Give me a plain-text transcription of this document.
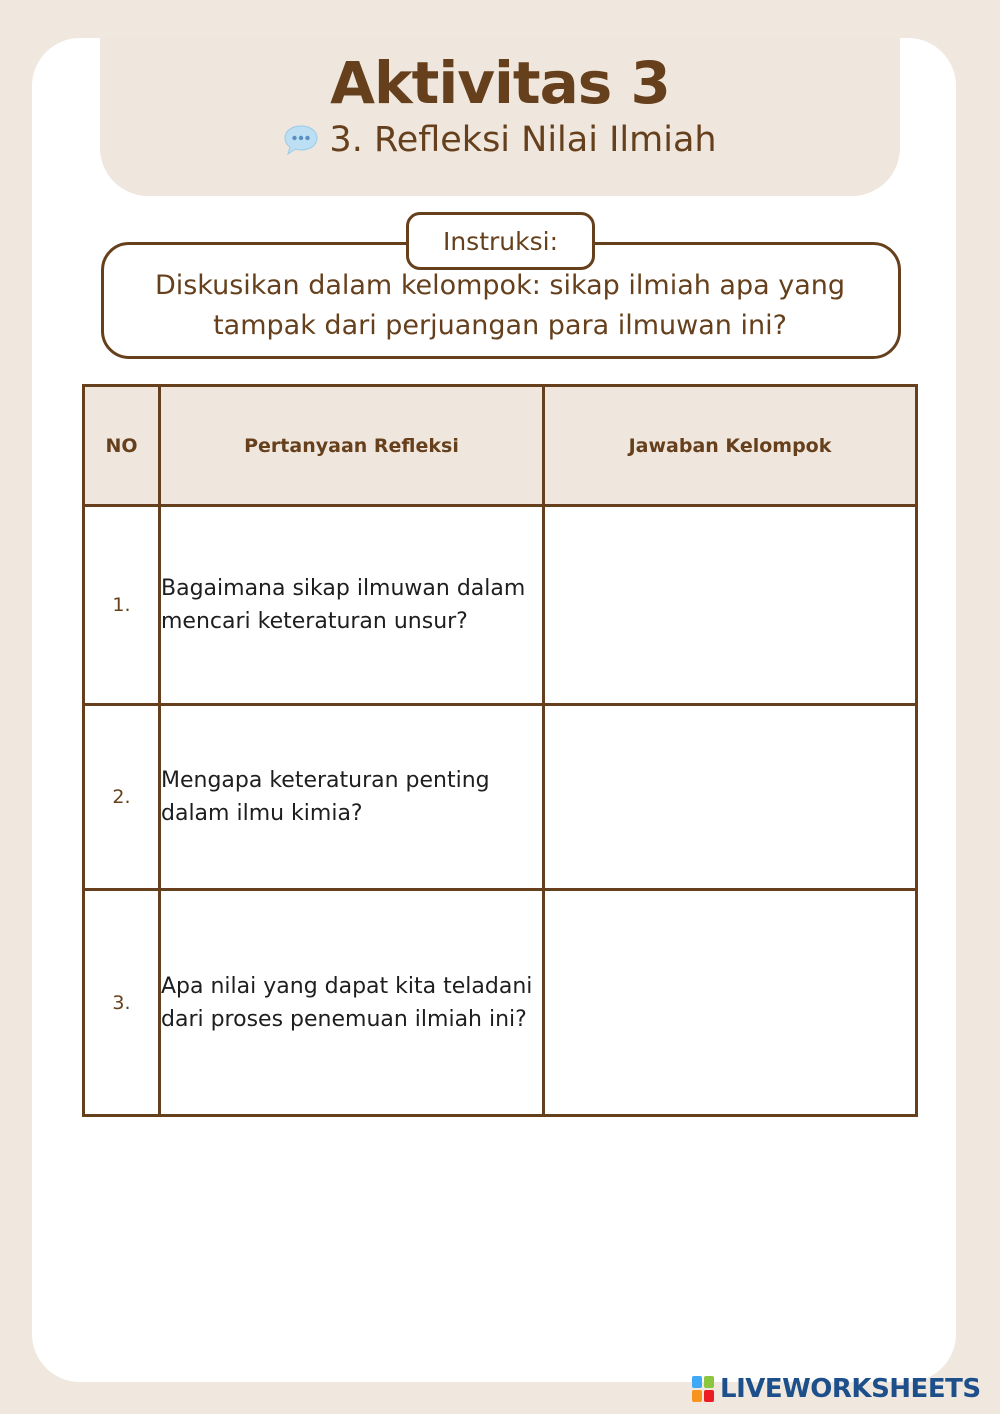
Aktivitas 3
3. Refleksi Nilai Ilmiah
Diskusikan dalam kelompok: sikap ilmiah apa yang tampak dari perjuangan para ilmuwan ini?
Instruksi:
NO	Pertanyaan Refleksi	Jawaban Kelompok
1.	Bagaimana sikap ilmuwan dalam mencari keteraturan unsur?	
2.	Mengapa keteraturan penting dalam ilmu kimia?	
3.	Apa nilai yang dapat kita teladani dari proses penemuan ilmiah ini?	
LIVEWORKSHEETS
